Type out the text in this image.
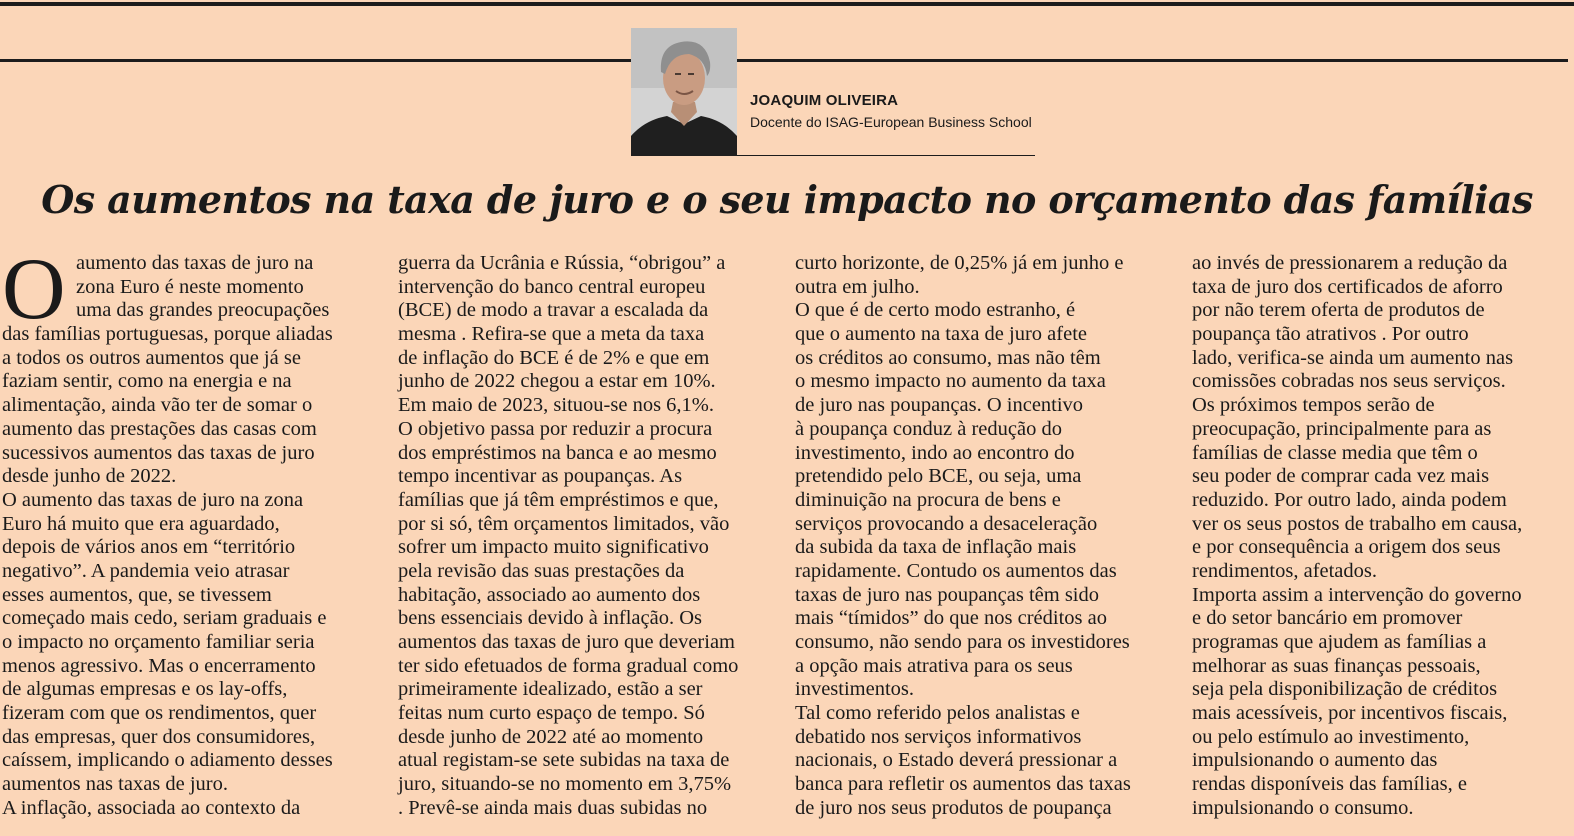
JOAQUIM OLIVEIRA
Docente do ISAG-European Business School
Os aumentos na taxa de juro e o seu impacto no orçamento das famílias
O aumento das taxas de juro na
zona Euro é neste momento
uma das grandes preocupações
das famílias portuguesas, porque aliadas
a todos os outros aumentos que já se
faziam sentir, como na energia e na
alimentação, ainda vão ter de somar o
aumento das prestações das casas com
sucessivos aumentos das taxas de juro
desde junho de 2022.
O aumento das taxas de juro na zona
Euro há muito que era aguardado,
depois de vários anos em “território
negativo”. A pandemia veio atrasar
esses aumentos, que, se tivessem
começado mais cedo, seriam graduais e
o impacto no orçamento familiar seria
menos agressivo. Mas o encerramento
de algumas empresas e os lay-offs,
fizeram com que os rendimentos, quer
das empresas, quer dos consumidores,
caíssem, implicando o adiamento desses
aumentos nas taxas de juro.
A inflação, associada ao contexto da
guerra da Ucrânia e Rússia, “obrigou” a
intervenção do banco central europeu
(BCE) de modo a travar a escalada da
mesma . Refira-se que a meta da taxa
de inflação do BCE é de 2% e que em
junho de 2022 chegou a estar em 10%.
Em maio de 2023, situou-se nos 6,1%.
O objetivo passa por reduzir a procura
dos empréstimos na banca e ao mesmo
tempo incentivar as poupanças. As
famílias que já têm empréstimos e que,
por si só, têm orçamentos limitados, vão
sofrer um impacto muito significativo
pela revisão das suas prestações da
habitação, associado ao aumento dos
bens essenciais devido à inflação. Os
aumentos das taxas de juro que deveriam
ter sido efetuados de forma gradual como
primeiramente idealizado, estão a ser
feitas num curto espaço de tempo. Só
desde junho de 2022 até ao momento
atual registam-se sete subidas na taxa de
juro, situando-se no momento em 3,75%
. Prevê-se ainda mais duas subidas no
curto horizonte, de 0,25% já em junho e
outra em julho.
O que é de certo modo estranho, é
que o aumento na taxa de juro afete
os créditos ao consumo, mas não têm
o mesmo impacto no aumento da taxa
de juro nas poupanças. O incentivo
à poupança conduz à redução do
investimento, indo ao encontro do
pretendido pelo BCE, ou seja, uma
diminuição na procura de bens e
serviços provocando a desaceleração
da subida da taxa de inflação mais
rapidamente. Contudo os aumentos das
taxas de juro nas poupanças têm sido
mais “tímidos” do que nos créditos ao
consumo, não sendo para os investidores
a opção mais atrativa para os seus
investimentos.
Tal como referido pelos analistas e
debatido nos serviços informativos
nacionais, o Estado deverá pressionar a
banca para refletir os aumentos das taxas
de juro nos seus produtos de poupança
ao invés de pressionarem a redução da
taxa de juro dos certificados de aforro
por não terem oferta de produtos de
poupança tão atrativos . Por outro
lado, verifica-se ainda um aumento nas
comissões cobradas nos seus serviços.
Os próximos tempos serão de
preocupação, principalmente para as
famílias de classe media que têm o
seu poder de comprar cada vez mais
reduzido. Por outro lado, ainda podem
ver os seus postos de trabalho em causa,
e por consequência a origem dos seus
rendimentos, afetados.
Importa assim a intervenção do governo
e do setor bancário em promover
programas que ajudem as famílias a
melhorar as suas finanças pessoais,
seja pela disponibilização de créditos
mais acessíveis, por incentivos fiscais,
ou pelo estímulo ao investimento,
impulsionando o aumento das
rendas disponíveis das famílias, e
impulsionando o consumo.
